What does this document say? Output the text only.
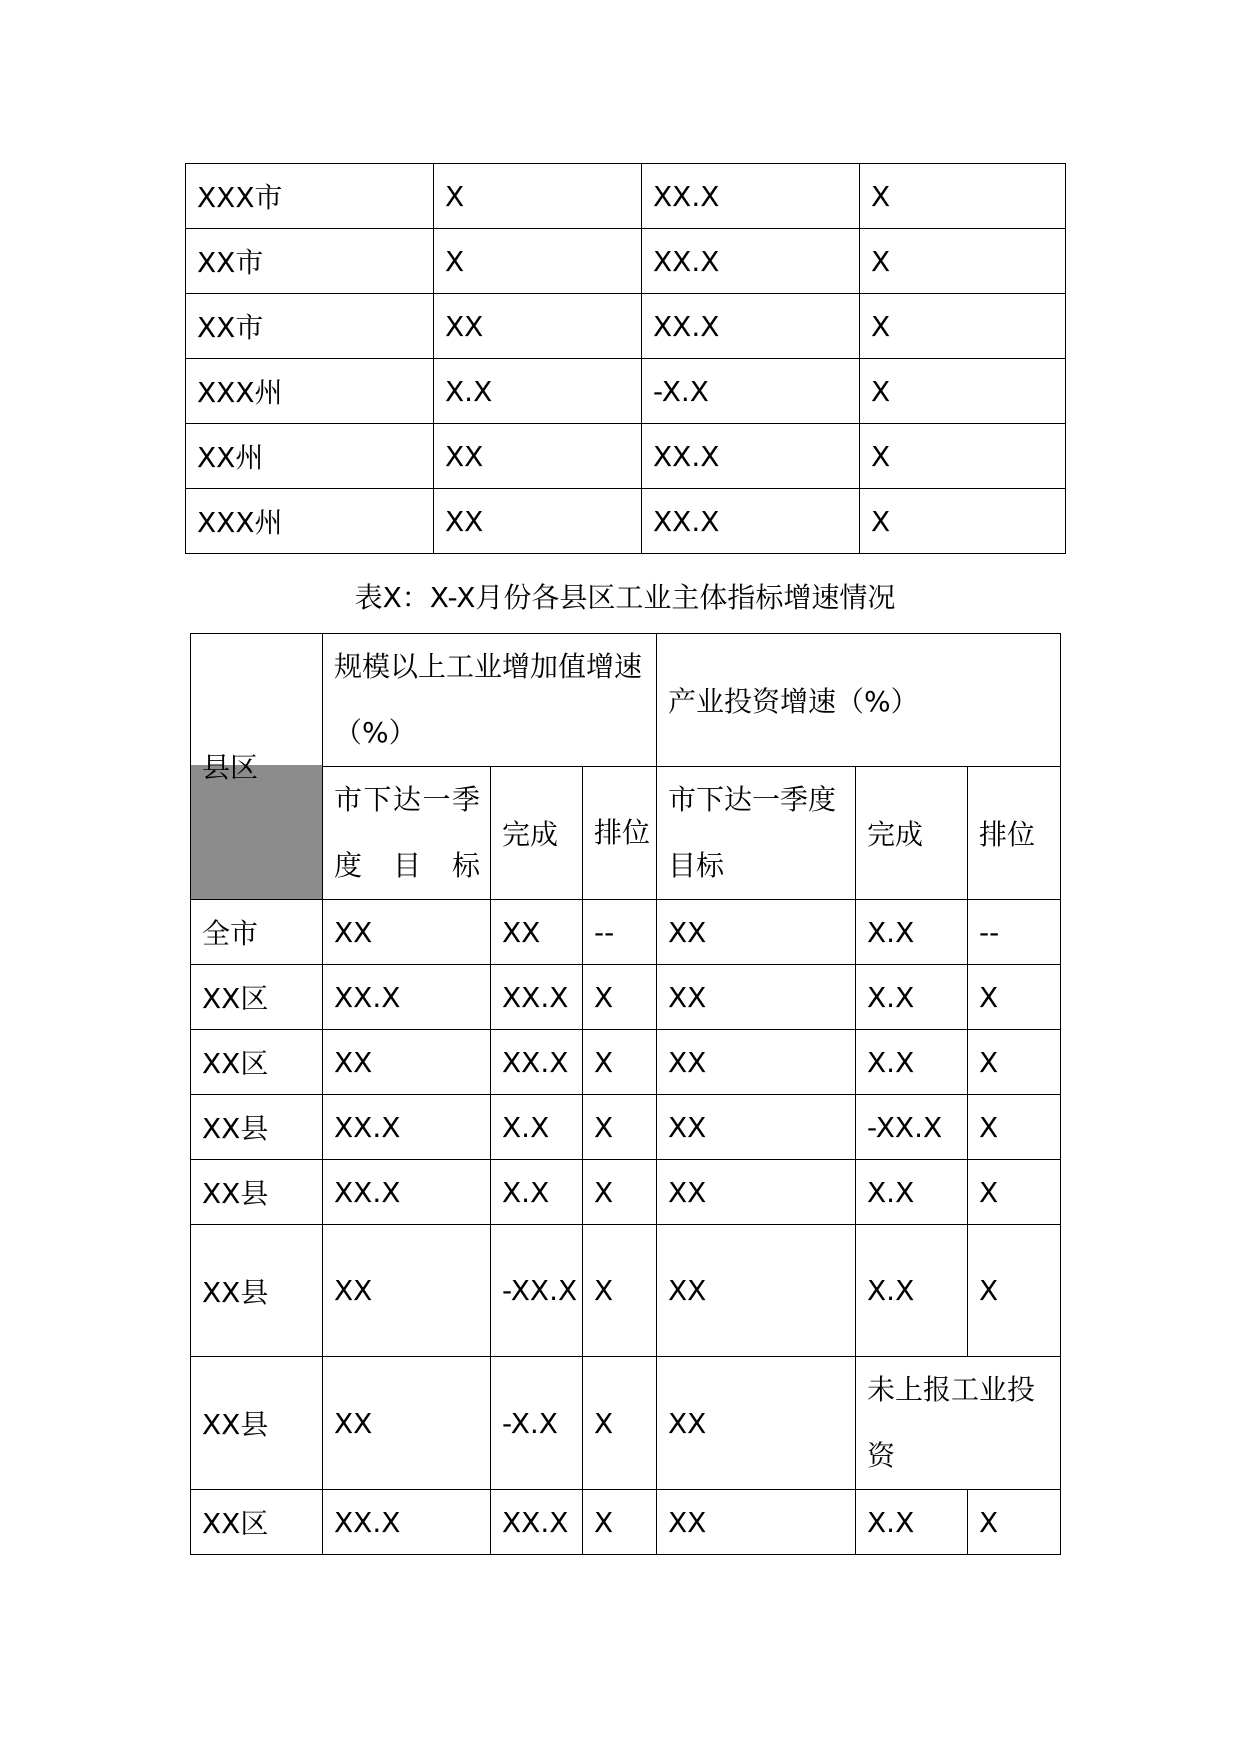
XXX市	X	XX.X	X
XX市	X	XX.X	X
XX市	XX	XX.X	X
XXX州	X.X	-X.X	X
XX州	XX	XX.X	X
XXX州	XX	XX.X	X
表X：X-X月份各县区工业主体指标增速情况
县区	规模以上工业增加值增速（%）			产业投资增速（%）		
	市下达一季度目标	完成	排位	市下达一季度目标	完成	排位
全市	XX	XX	--	XX	X.X	--
XX区	XX.X	XX.X	X	XX	X.X	X
XX区	XX	XX.X	X	XX	X.X	X
XX县	XX.X	X.X	X	XX	-XX.X	X
XX县	XX.X	X.X	X	XX	X.X	X
XX县	XX	-XX.X	X	XX	X.X	X
XX县	XX	-X.X	X	XX	未上报工业投资	
XX区	XX.X	XX.X	X	XX	X.X	X
